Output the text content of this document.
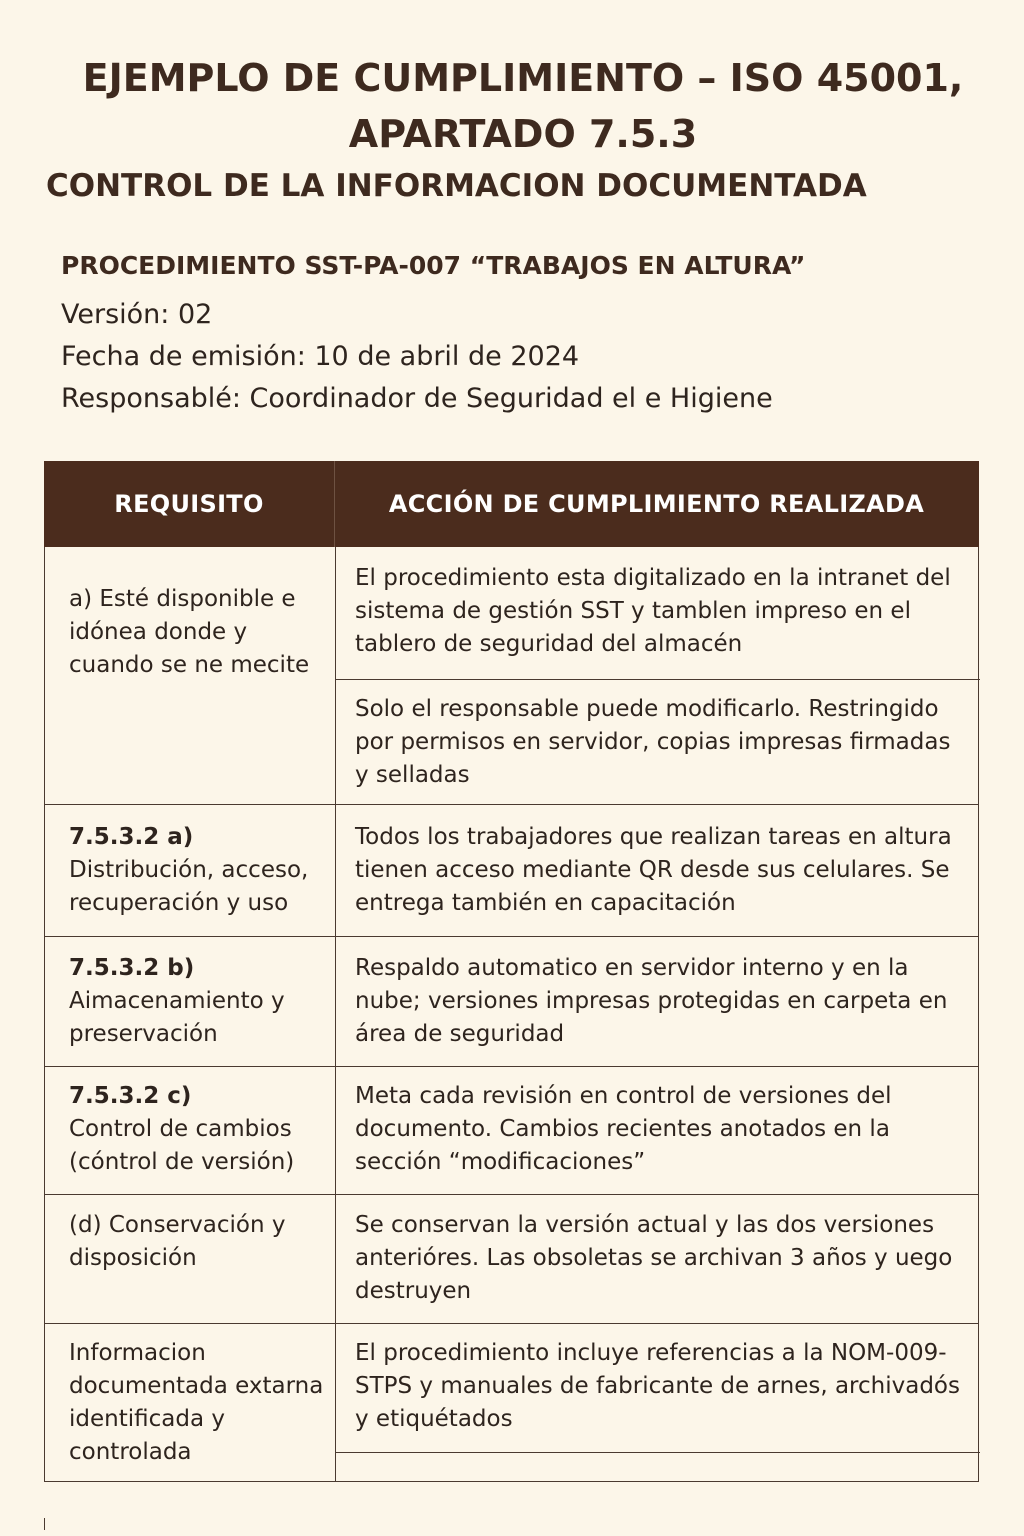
EJEMPLO DE CUMPLIMIENTO – ISO 45001,
APARTADO 7.5.3
CONTROL DE LA INFORMACION DOCUMENTADA
PROCEDIMIENTO SST-PA-007 “TRABAJOS EN ALTURA”
Versión: 02
Fecha de emisión: 10 de abril de 2024
Responsablé: Coordinador de Seguridad el e Higiene
REQUISITO	ACCIÓN DE CUMPLIMIENTO REALIZADA
a) Esté disponible e idónea donde y cuando se ne mecite
El procedimiento esta digitalizado en la intranet del sistema de gestión SST y tamblen impreso en el tablero de seguridad del almacén
Solo el responsable puede modificarlo. Restringido por permisos en servidor, copias impresas firmadas y selladas
7.5.3.2 a)
Distribución, acceso, recuperación y uso
Todos los trabajadores que realizan tareas en altura tienen acceso mediante QR desde sus celulares. Se entrega también en capacitación
7.5.3.2 b)
Aimacenamiento y preservación
Respaldo automatico en servidor interno y en la nube; versiones impresas protegidas en carpeta en área de seguridad
7.5.3.2 c)
Control de cambios (cóntrol de versión)
Meta cada revisión en control de versiones del documento. Cambios recientes anotados en la sección “modificaciones”
(d) Conservación y disposición
Se conservan la versión actual y las dos versiones anterióres. Las obsoletas se archivan 3 años y uego destruyen
Informacion documentada extarna identificada y controlada
El procedimiento incluye referencias a la NOM-009-STPS y manuales de fabricante de arnes, archivadós y etiquétados
